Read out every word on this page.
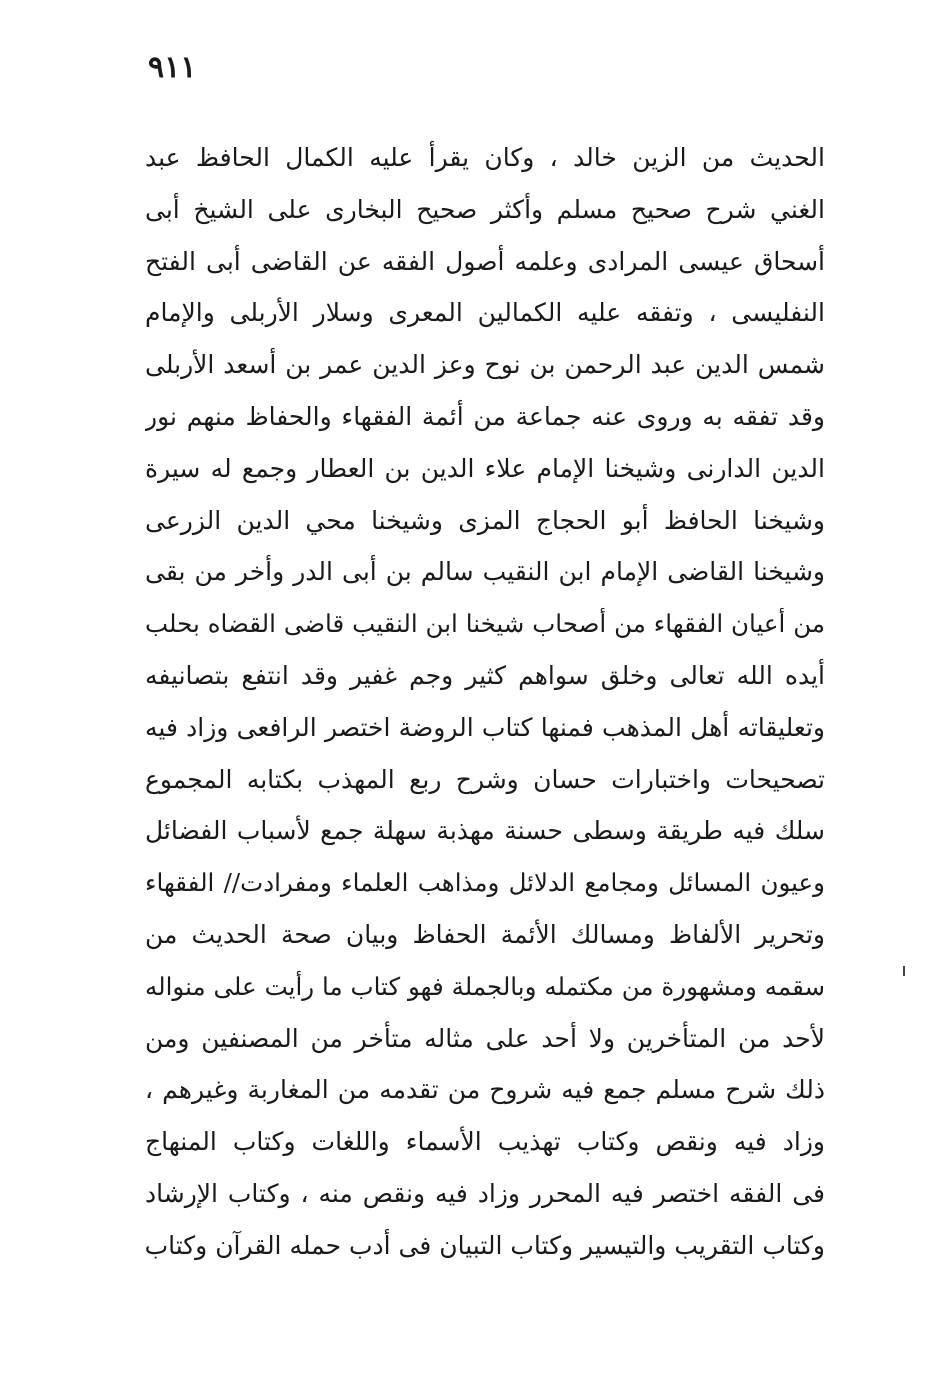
٩١١
الحديث من الزين خالد ، وكان يقرأ عليه الكمال الحافظ عبد
الغني شرح صحيح مسلم وأكثر صحيح البخارى على الشيخ أبى
أسحاق عيسى المرادى وعلمه أصول الفقه عن القاضى أبى الفتح
النفليسى ، وتفقه عليه الكمالين المعرى وسلار الأربلى والإمام
شمس الدين عبد الرحمن بن نوح وعز الدين عمر بن أسعد الأربلى
وقد تفقه به وروى عنه جماعة من أئمة الفقهاء والحفاظ منهم نور
الدين الدارنى وشيخنا الإمام علاء الدين بن العطار وجمع له سيرة
وشيخنا الحافظ أبو الحجاج المزى وشيخنا محي الدين الزرعى
وشيخنا القاضى الإمام ابن النقيب سالم بن أبى الدر وأخر من بقى
من أعيان الفقهاء من أصحاب شيخنا ابن النقيب قاضى القضاه بحلب
أيده الله تعالى وخلق سواهم كثير وجم غفير وقد انتفع بتصانيفه
وتعليقاته أهل المذهب فمنها كتاب الروضة اختصر الرافعى وزاد فيه
تصحيحات واختبارات حسان وشرح ربع المهذب بكتابه المجموع
سلك فيه طريقة وسطى حسنة مهذبة سهلة جمع لأسباب الفضائل
وعيون المسائل ومجامع الدلائل ومذاهب العلماء ومفرادت// الفقهاء
وتحرير الألفاظ ومسالك الأئمة الحفاظ وبيان صحة الحديث من
سقمه ومشهورة من مكتمله وبالجملة فهو كتاب ما رأيت على منواله
لأحد من المتأخرين ولا أحد على مثاله متأخر من المصنفين ومن
ذلك شرح مسلم جمع فيه شروح من تقدمه من المغاربة وغيرهم ،
وزاد فيه ونقص وكتاب تهذيب الأسماء واللغات وكتاب المنهاج
فى الفقه اختصر فيه المحرر وزاد فيه ونقص منه ، وكتاب الإرشاد
وكتاب التقريب والتيسير وكتاب التبيان فى أدب حمله القرآن وكتاب
